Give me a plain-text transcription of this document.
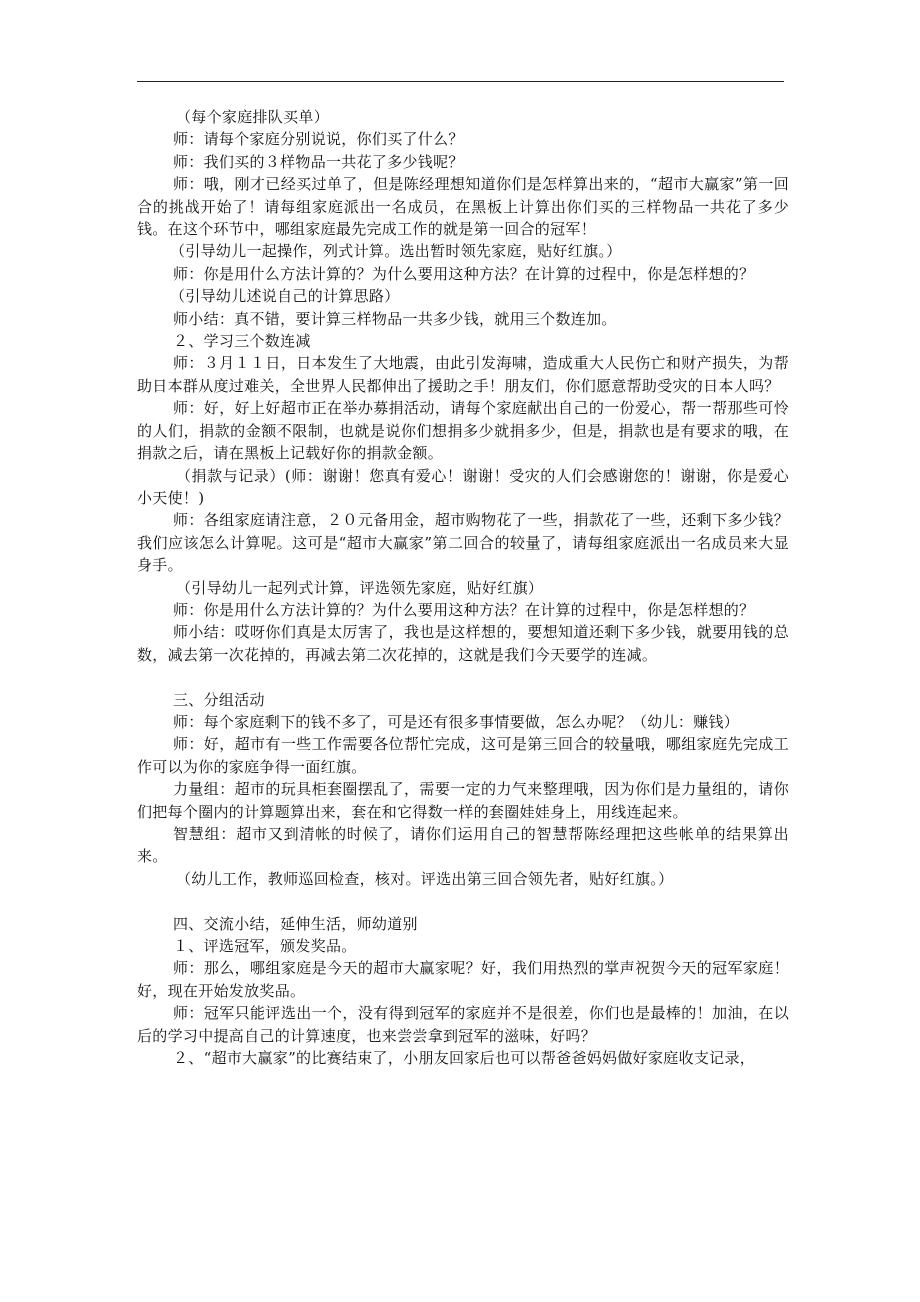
（每个家庭排队买单）

师：请每个家庭分别说说，你们买了什么？

师：我们买的３样物品一共花了多少钱呢？

师：哦，刚才已经买过单了，但是陈经理想知道你们是怎样算出来的，“超市大赢家”第一回合的挑战开始了！请每组家庭派出一名成员，在黑板上计算出你们买的三样物品一共花了多少钱。在这个环节中，哪组家庭最先完成工作的就是第一回合的冠军！

（引导幼儿一起操作，列式计算。选出暂时领先家庭，贴好红旗。）

师：你是用什么方法计算的？为什么要用这种方法？在计算的过程中，你是怎样想的？

（引导幼儿述说自己的计算思路）

师小结：真不错，要计算三样物品一共多少钱，就用三个数连加。

２、学习三个数连减

师：３月１１日，日本发生了大地震，由此引发海啸，造成重大人民伤亡和财产损失，为帮助日本群从度过难关，全世界人民都伸出了援助之手！朋友们，你们愿意帮助受灾的日本人吗？

师：好，好上好超市正在举办募捐活动，请每个家庭献出自己的一份爱心，帮一帮那些可怜的人们，捐款的金额不限制，也就是说你们想捐多少就捐多少，但是，捐款也是有要求的哦，在捐款之后，请在黑板上记载好你的捐款金额。

（捐款与记录）(师：谢谢！您真有爱心！谢谢！受灾的人们会感谢您的！谢谢，你是爱心小天使！)

师：各组家庭请注意，２０元备用金，超市购物花了一些，捐款花了一些，还剩下多少钱？我们应该怎么计算呢。这可是“超市大赢家”第二回合的较量了，请每组家庭派出一名成员来大显身手。

（引导幼儿一起列式计算，评选领先家庭，贴好红旗）

师：你是用什么方法计算的？为什么要用这种方法？在计算的过程中，你是怎样想的？

师小结：哎呀你们真是太厉害了，我也是这样想的，要想知道还剩下多少钱，就要用钱的总数，减去第一次花掉的，再减去第二次花掉的，这就是我们今天要学的连减。

三、分组活动

师：每个家庭剩下的钱不多了，可是还有很多事情要做，怎么办呢？（幼儿：赚钱）

师：好，超市有一些工作需要各位帮忙完成，这可是第三回合的较量哦，哪组家庭先完成工作可以为你的家庭争得一面红旗。

力量组：超市的玩具柜套圈摆乱了，需要一定的力气来整理哦，因为你们是力量组的，请你们把每个圈内的计算题算出来，套在和它得数一样的套圈娃娃身上，用线连起来。

智慧组：超市又到清帐的时候了，请你们运用自己的智慧帮陈经理把这些帐单的结果算出来。

（幼儿工作，教师巡回检查，核对。评选出第三回合领先者，贴好红旗。）

四、交流小结，延伸生活，师幼道别

１、评选冠军，颁发奖品。

师：那么，哪组家庭是今天的超市大赢家呢？好，我们用热烈的掌声祝贺今天的冠军家庭！好，现在开始发放奖品。

师：冠军只能评选出一个，没有得到冠军的家庭并不是很差，你们也是最棒的！加油，在以后的学习中提高自己的计算速度，也来尝尝拿到冠军的滋味，好吗？

２、“超市大赢家”的比赛结束了，小朋友回家后也可以帮爸爸妈妈做好家庭收支记录，
